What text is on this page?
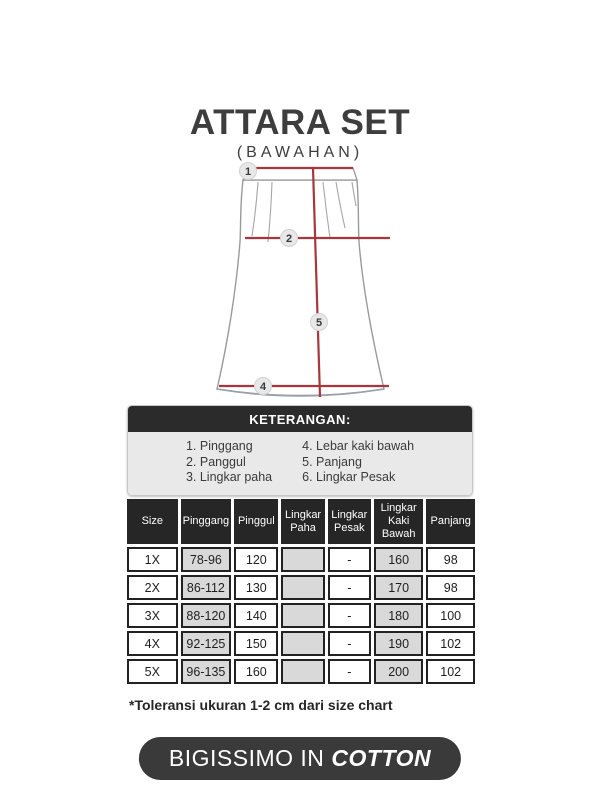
ATTARA SET
(BAWAHAN)
1
2
4
5
KETERANGAN:
1. Pinggang
2. Panggul
3. Lingkar paha
4. Lebar kaki bawah
5. Panjang
6. Lingkar Pesak
Size	Pinggang	Pinggul	Lingkar Paha	Lingkar Pesak	Lingkar Kaki Bawah	Panjang
1X	78-96	120		-	160	98
2X	86-112	130		-	170	98
3X	88-120	140		-	180	100
4X	92-125	150		-	190	102
5X	96-135	160		-	200	102
*Toleransi ukuran 1-2 cm dari size chart
BIGISSIMO IN COTTON
